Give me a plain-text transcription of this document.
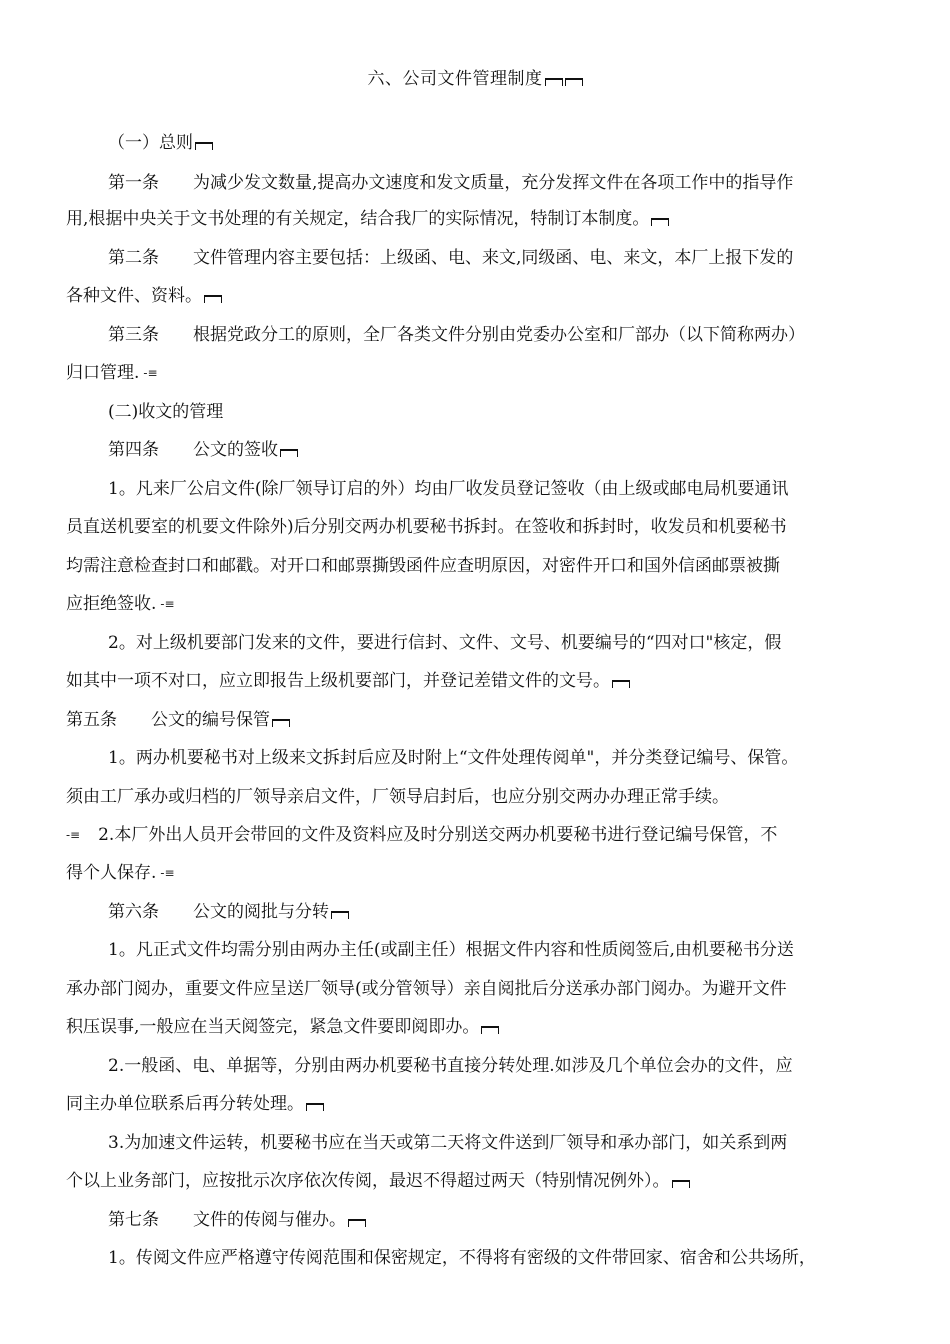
六、公司文件管理制度
（一）总则
第一条　　为减少发文数量,提高办文速度和发文质量，充分发挥文件在各项工作中的指导作
用,根据中央关于文书处理的有关规定，结合我厂的实际情况，特制订本制度。
第二条　　文件管理内容主要包括：上级函、电、来文,同级函、电、来文，本厂上报下发的
各种文件、资料。
第三条　　根据党政分工的原则，全厂各类文件分别由党委办公室和厂部办（以下简称两办）
归口管理. -≡
(二)收文的管理
第四条　　公文的签收
1。凡来厂公启文件(除厂领导订启的外）均由厂收发员登记签收（由上级或邮电局机要通讯
员直送机要室的机要文件除外)后分别交两办机要秘书拆封。在签收和拆封时，收发员和机要秘书
均需注意检查封口和邮戳。对开口和邮票撕毁函件应查明原因，对密件开口和国外信函邮票被撕
应拒绝签收. -≡
2。对上级机要部门发来的文件，要进行信封、文件、文号、机要编号的“四对口"核定，假
如其中一项不对口，应立即报告上级机要部门，并登记差错文件的文号。
第五条　　公文的编号保管
1。两办机要秘书对上级来文拆封后应及时附上“文件处理传阅单"，并分类登记编号、保管。
须由工厂承办或归档的厂领导亲启文件，厂领导启封后，也应分别交两办办理正常手续。
-≡ 2.本厂外出人员开会带回的文件及资料应及时分别送交两办机要秘书进行登记编号保管，不
得个人保存. -≡
第六条　　公文的阅批与分转
1。凡正式文件均需分别由两办主任(或副主任）根据文件内容和性质阅签后,由机要秘书分送
承办部门阅办，重要文件应呈送厂领导(或分管领导）亲自阅批后分送承办部门阅办。为避开文件
积压误事,一般应在当天阅签完，紧急文件要即阅即办。
2.一般函、电、单据等，分别由两办机要秘书直接分转处理.如涉及几个单位会办的文件，应
同主办单位联系后再分转处理。
3.为加速文件运转，机要秘书应在当天或第二天将文件送到厂领导和承办部门，如关系到两
个以上业务部门，应按批示次序依次传阅，最迟不得超过两天（特别情况例外）。
第七条　　文件的传阅与催办。
1。传阅文件应严格遵守传阅范围和保密规定，不得将有密级的文件带回家、宿舍和公共场所，
